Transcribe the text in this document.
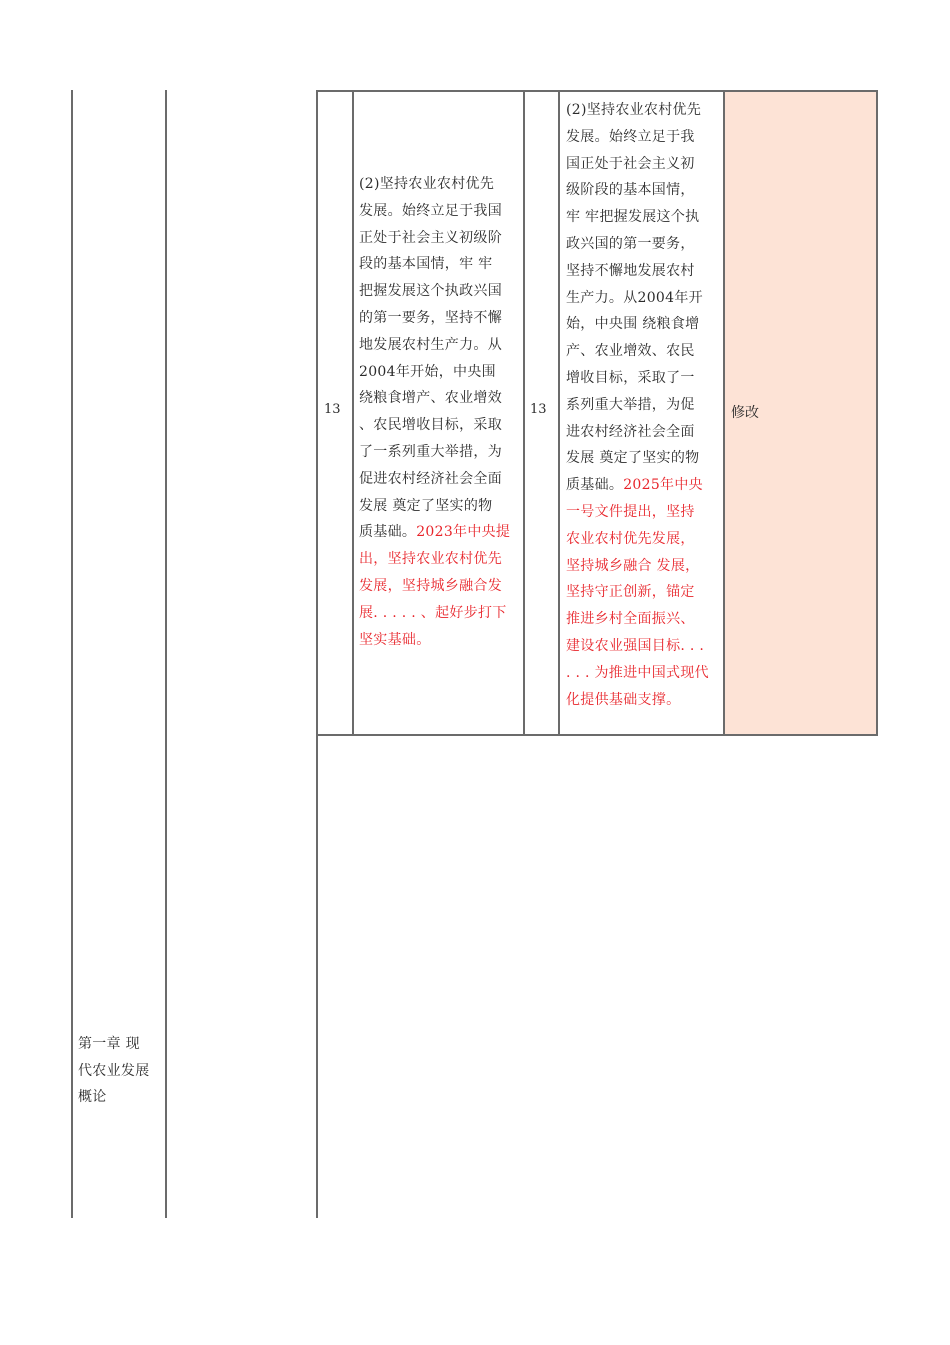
13
(2)坚持农业农村优先
发展。始终立足于我国
正处于社会主义初级阶
段的基本国情，牢 牢
把握发展这个执政兴国
的第一要务，坚持不懈
地发展农村生产力。从
2004年开始，中央围
绕粮食增产、农业增效
、农民增收目标，采取
了一系列重大举措，为
促进农村经济社会全面
发展 奠定了坚实的物
质基础。2023年中央提
出，坚持农业农村优先
发展，坚持城乡融合发
展. . . . . 、起好步打下
坚实基础。
13
(2)坚持农业农村优先
发展。始终立足于我
国正处于社会主义初
级阶段的基本国情，
牢 牢把握发展这个执
政兴国的第一要务，
坚持不懈地发展农村
生产力。从2004年开
始，中央围 绕粮食增
产、农业增效、农民
增收目标，采取了一
系列重大举措，为促
进农村经济社会全面
发展 奠定了坚实的物
质基础。2025年中央
一号文件提出，坚持
农业农村优先发展，
坚持城乡融合 发展，
坚持守正创新，锚定
推进乡村全面振兴、
建设农业强国目标. . .
. . . 为推进中国式现代
化提供基础支撑。
修改
第一章 现
代农业发展
概论
